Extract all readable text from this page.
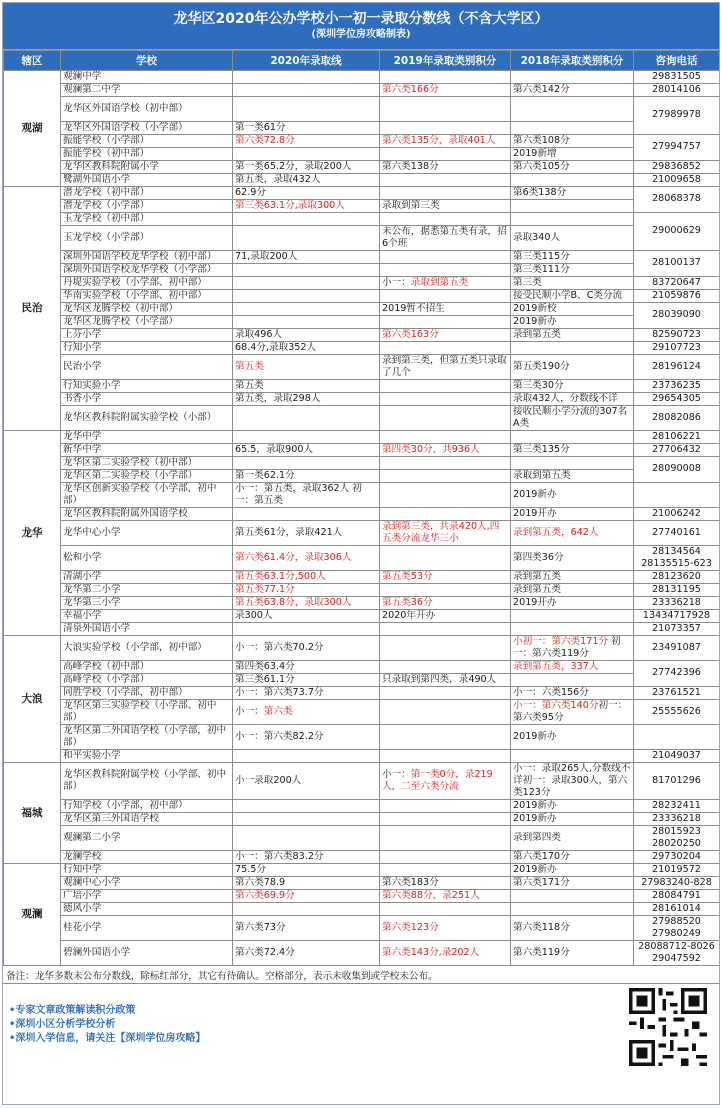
龙华区2020年公办学校小一初一录取分数线（不含大学区）
(深圳学位房攻略制表)
辖区	学校	2020年录取线	2019年录取类别积分	2018年录取类别积分	咨询电话
观湖	观澜中学				29831505
	观澜第二中学		第六类166分	第六类142分	28014106
	龙华区外国语学校（初中部）				27989978
	龙华区外国语学校（小学部）	第一类61分			
	振能学校（小学部）	第六类72.8分	第六类135分，录取401人	第六类108分	27994757
	振能学校（初中部）			2019新增	
	龙华区教科院附属小学	第一类65.2分，录取200人	第六类138分	第六类105分	29836852
	鹭湖外国语小学	第五类，录取432人			21009658
民治	潜龙学校（初中部）	62.9分		第6类138分	28068378
	潜龙学校（小学部）	第三类63.1分,录取300人	录取到第三类		
	玉龙学校（初中部）				29000629
	玉龙学校（小学部）		未公布，据悉第五类有录，招6个班	录取340人	
	深圳外国语学校龙华学校（初中部）	71,录取200人		第三类115分	28100137
	深圳外国语学校龙华学校（小学部）			第三类111分	
	丹堤实验学校（小学部、初中部）		小一：录取到第五类	第三类	83720647
	华南实验学校（小学部、初中部）			接受民顺小学B、C类分流	21059876
	龙华区龙腾学校（初中部）		2019暂不招生	2019新校	28039090
	龙华区龙腾学校（小学部）			2019新办	
	上芬小学	录取496人	第六类163分	录到第五类	82590723
	行知小学	68.4分,录取352人			29107723
	民治小学	第五类	录到第三类，但第五类只录取了几个	第五类190分	28196124
	行知实验小学	第五类		第三类30分	23736235
	书香小学	第五类，录取298人		录取432人，分数线不详	29654305
	龙华区教科院附属实验学校（小部）			接收民顺小学分流的307名A类	28082086
龙华	龙华中学				28106221
	新华中学	65.5，录取900人	第四类30分，共936人	第三类135分	27706432
	龙华区第二实验学校（初中部）				28090008
	龙华区第二实验学校（小学部）	第一类62.1分		录取到第五类	
	龙华区创新实验学校（小学部，初中部）	小一：第五类，录取362人 初一：第五类		2019新办	
	龙华区教科院附属外国语学校			2019开办	21006242
	龙华中心小学	第五类61分，录取421人	录到第三类，共录420人,四五类分流龙华三小	录到第五类，642人	27740161
	松和小学	第六类61.4分，录取306人		第四类36分	28134564 28135515-623
	清湖小学	第五类63.1分,500人	第五类53分	录到第五类	28123620
	龙华第二小学	第五类77.1分		录到第五类	28131195
	龙华第三小学	第五类63.8分，录取300人	第五类36分	2019开办	23336218
	幸福小学	录300人	2020年开办		13434717928
	清泉外国语小学				21073357
大浪	大浪实验学校（小学部，初中部）	小一：第六类70.2分		小初一：第六类171分 初一：第六类119分	23491087
	高峰学校（初中部）	第四类63.4分		录到第五类，337人	27742396
	高峰学校（小学部）	第三类61.1分	只录取到第四类，录490人		
	同胜学校（小学部，初中部）	小一：第六类73.7分		小一：六类156分	23761521
	龙华区第三实验学校（小学部、初中部）	小一：第六类		小一：第六类140分初一：第六类95分	25555626
	龙华区第二外国语学校（小学部，初中部）	小一：第六类82.2分		2019新办	
	和平实验小学				21049037
福城	龙华区教科院附属学校（小学部、初中部）	小一录取200人	小一：第一类0分，录219人，二至六类分流	小一：录取265人,分数线不详初一：录取300人，第六类123分	81701296
	行知学校（小学部，初中部）			2019新办	28232411
	龙华区第三外国语学校			2019新办	23336218
	观澜第二小学			录到第四类	28015923 28020250
	龙澜学校	小一：第六类83.2分		第六类170分	29730204
观澜	行知中学	75.5分		2019新办	21019572
	观澜中心小学	第六类78.9	第六类183分	第六类171分	27983240-828
	广培小学	第六类69.9分	第六类88分，录251人		28084791
	德风小学				28161014
	桂花小学	第六类73分	第六类123分	第六类118分	27988520 27980249
	碧澜外国语小学	第六类72.4分	第六类143分,录202人	第六类119分	28088712-8026 29047592
备注：龙华多数未公布分数线，除标红部分，其它有待确认。空格部分，表示未收集到或学校未公布。
•专家文章政策解读积分政策
•深圳小区分析学校分析
•深圳入学信息，请关注【深圳学位房攻略】
